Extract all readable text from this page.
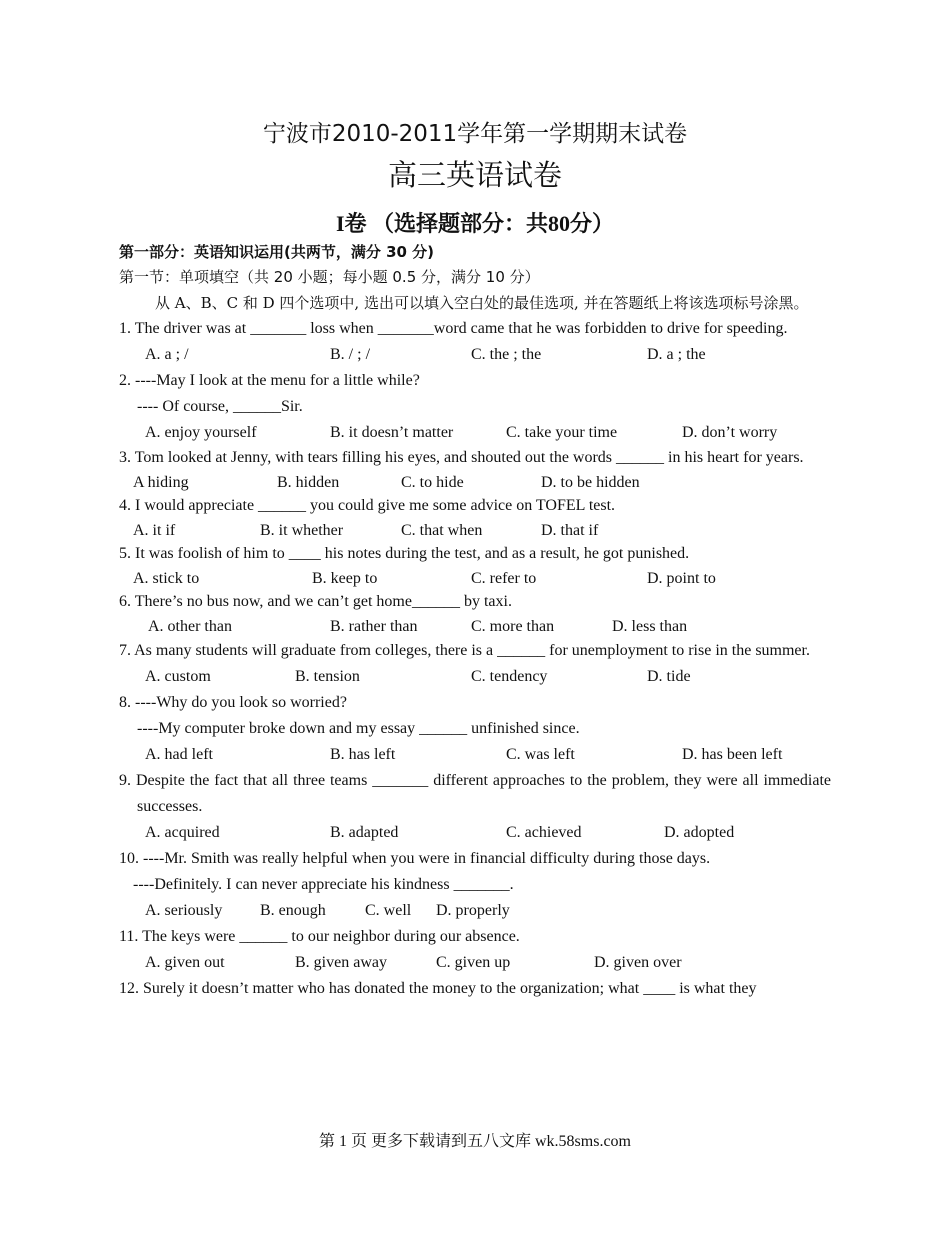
宁波市2010-2011学年第一学期期末试卷
高三英语试卷
I卷 （选择题部分：共80分）
第一部分：英语知识运用(共两节，满分 30 分)
第一节：单项填空（共 20 小题；每小题 0.5 分，满分 10 分）
从 A、B、C 和 D 四个选项中, 选出可以填入空白处的最佳选项, 并在答题纸上将该选项标号涂黑。
1. The driver was at _______ loss when _______word came that he was forbidden to drive for speeding.
A. a ; /	B. / ; /	C. the ; the	D. a ; the
2. ----May I look at the menu for a little while?
---- Of course, ______Sir.
A. enjoy yourself	B. it doesn’t matter	C. take your time	D. don’t worry
3. Tom looked at Jenny, with tears filling his eyes, and shouted out the words ______ in his heart for years.
A hiding	B. hidden	C. to hide	D. to be hidden
4. I would appreciate ______ you could give me some advice on TOFEL test.
A. it if	B. it whether	C. that when	D. that if
5. It was foolish of him to ____ his notes during the test, and as a result, he got punished.
A. stick to	B. keep to	C. refer to	D. point to
6. There’s no bus now, and we can’t get home______ by taxi.
A. other than	B. rather than	C. more than	D. less than
7. As many students will graduate from colleges, there is a ______ for unemployment to rise in the summer.
A. custom	B. tension	C. tendency	D. tide
8. ----Why do you look so worried?
----My computer broke down and my essay ______ unfinished since.
A. had left	B. has left	C. was left	D. has been left
9. Despite the fact that all three teams _______ different approaches to the problem, they were all immediate successes.
A. acquired	B. adapted	C. achieved	D. adopted
10. ----Mr. Smith was really helpful when you were in financial difficulty during those days.
----Definitely. I can never appreciate his kindness _______.
A. seriously B. enough C. well D. properly
11. The keys were ______ to our neighbor during our absence.
A. given out	B. given away	C. given up	D. given over
12. Surely it doesn’t matter who has donated the money to the organization; what ____ is what they
第 1 页 更多下载请到五八文库 wk.58sms.com
